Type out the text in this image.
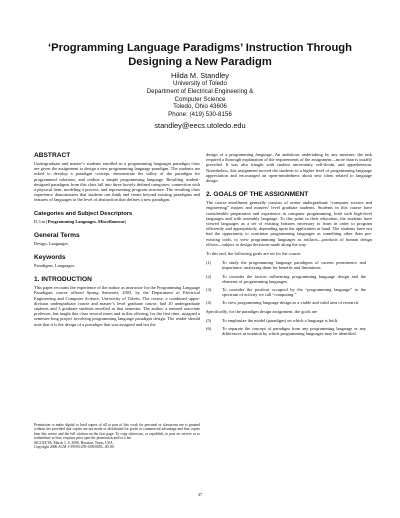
‘Programming Language Paradigms’ Instruction Through Designing a New Paradigm
Hilda M. Standley
University of Toledo
Department of Electrical Engineering &
Computer Science
Toledo, Ohio 43606
Phone: (419) 530-8156
standley@eecs.utoledo.edu
ABSTRACT

Undergraduate and master’s students enrolled in a programming languages paradigm class are given the assignment to design a new programming language paradigm. The students are asked to develop a paradigm concept, demonstrate the utility of the paradigm for programmed solutions, and outline a simple programming language. Resulting student-designed paradigms from this class fall into three loosely defined categories: connection with a physical item, modeling a process, and representing program structure. The resulting class experience demonstrates that students can think and create beyond existing paradigms and features of languages to the level of abstraction that defines a new paradigm.

Categories and Subject Descriptors

D.3.m [Programming Languages–Miscellaneous]

General Terms

Design, Languages.

Keywords

Paradigms, Languages.

1. INTRODUCTION

This paper recounts the experience of the author as instructor for the Programming Language Paradigms course offered Spring Semester, 2005, by the Department of Electrical Engineering and Computer Science, University of Toledo. The course, a combined upper-division undergraduate course and master’s level graduate course, had 10 undergraduate students and 3 graduate students enrolled in that semester. The author, a tenured associate professor, has taught this class several times and in this offering, for the first time, assigned a semester-long project involving programming language paradigm design. The reader should note that it is the design of a paradigm that was assigned and not the

Permission to make digital or hard copies of all or part of this work for personal or classroom use is granted without fee provided that copies are not made or distributed for profit or commercial advantage and that copies bear this notice and the full citation on the first page. To copy otherwise, or republish, to post on servers or to redistribute to lists, requires prior specific permission and/or a fee.
SIGCSE’06, March 1–5, 2006, Houston, Texas, USA.
Copyright 2006 ACM 1-59593-259-3/06/0003...$5.00.

design of a programming language. An ambitious undertaking by any measure, the task required a thorough explanation of the requirements of the assignment—more than is usually provided. It was also fraught with student uncertainty, self-doubt, and apprehension. Nonetheless, this assignment moved the students to a higher level of programming language appreciation and encouraged an open-mindedness about new ideas related to language design.

2. GOALS OF THE ASSIGNMENT

The course enrollment generally consists of senior undergraduate “computer science and engineering” majors and masters’ level graduate students. Students in this course have considerable preparation and experience in computer programming, both with high-level languages and with assembly language. To this point in their education, the students have viewed languages as a set of existing features necessary to learn in order to program efficiently and appropriately, depending upon the application at hand. The students have not had the opportunity to scrutinize programming languages as something other than pre-existing tools, to view programming languages as artifacts—products of human design efforts—subject to design decisions made along the way.

To this end, the following goals are set for the course:

(1)	To study the programming language paradigms of current prominence and importance, analyzing them for benefits and limitations.
(2)	To consider the factors influencing programming language design and the elements of programming languages.
(3)	To consider the position occupied by the “programming language” in the spectrum of activity we call “computing.”
(4)	To view programming language design as a viable and valid area of research.

Specifically, for the paradigm design assignment, the goals are

(5)	To emphasize the model (paradigm) on which a language is built.
(6)	To separate the concept of paradigm from any programming language or any differences in notation by which programming languages may be identified.
37
